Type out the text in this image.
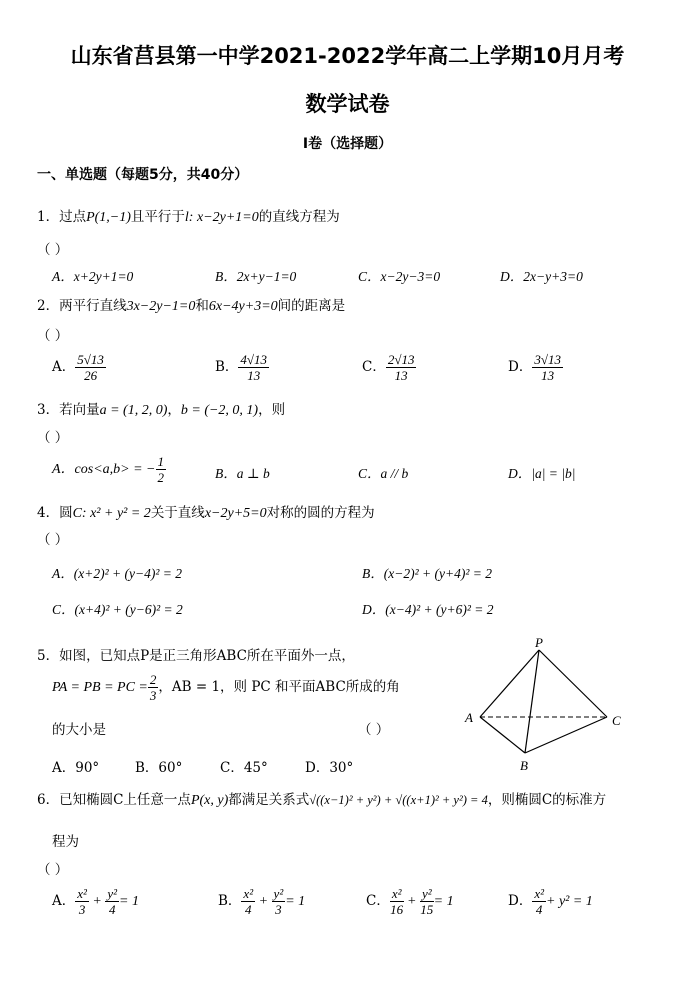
山东省莒县第一中学2021-2022学年高二上学期10月月考
数学试卷
I卷（选择题）
一、单选题（每题5分，共40分）
1．过点P(1,−1)且平行于l: x−2y+1=0的直线方程为
（ ）
A．x+2y+1=0	B．2x+y−1=0	C．x−2y−3=0	D．2x−y+3=0
2．两平行直线3x−2y−1=0和6x−4y+3=0间的距离是
（ ）
A． $\frac{5√13}{26}$	B． $\frac{4√13}{13}$	C． $\frac{2√13}{13}$	D． $\frac{3√13}{13}$
3．若向量a = (1, 2, 0)，b = (−2, 0, 1)，则
（ ）
A．cos<a,b> = − $\frac{1}{2}$	B．a ⊥ b	C．a // b	D．|a| = |b|
4．圆C: x² + y² = 2关于直线x−2y+5=0对称的圆的方程为
（ ）
A．(x+2)² + (y−4)² = 2	B．(x−2)² + (y+4)² = 2
C．(x+4)² + (y−6)² = 2	D．(x−4)² + (y+6)² = 2
5．如图，已知点P是正三角形ABC所在平面外一点，
PA = PB = PC = $\frac{2}{3}$ ，AB = 1，则 PC 和平面ABC所成的角
的大小是	（ ）
A．90°	B．60°	C．45°	D．30°
P
A
B
C
6．已知椭圆C上任意一点P(x, y)都满足关系式√((x−1)² + y²) + √((x+1)² + y²) = 4，则椭圆C的标准方
程为
（ ）
A． $\frac{\text{x²}}{3} + \frac{\text{y²}}{4} = 1$	B． $\frac{\text{x²}}{4} + \frac{\text{y²}}{3} = 1$	C． $\frac{\text{x²}}{16} + \frac{\text{y²}}{15} = 1$	D． $\frac{\text{x²}}{4} + y^2 = 1$
